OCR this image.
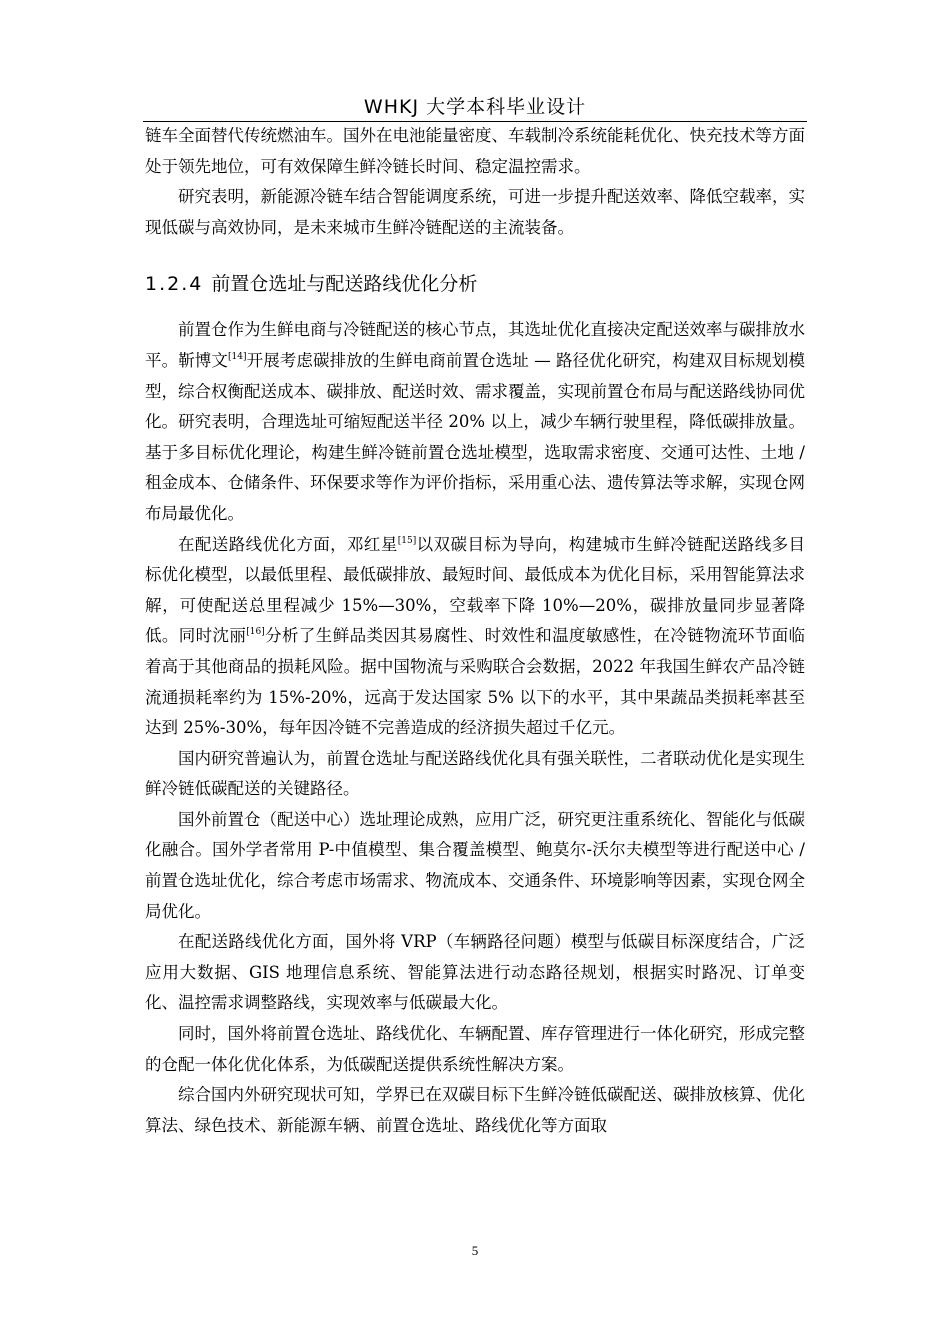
WHKJ 大学本科毕业设计

链车全面替代传统燃油车。国外在电池能量密度、车载制冷系统能耗优化、快充技术等方面处于领先地位，可有效保障生鲜冷链长时间、稳定温控需求。

研究表明，新能源冷链车结合智能调度系统，可进一步提升配送效率、降低空载率，实现低碳与高效协同，是未来城市生鲜冷链配送的主流装备。

1.2.4 前置仓选址与配送路线优化分析

前置仓作为生鲜电商与冷链配送的核心节点，其选址优化直接决定配送效率与碳排放水平。靳博文[14]开展考虑碳排放的生鲜电商前置仓选址 — 路径优化研究，构建双目标规划模型，综合权衡配送成本、碳排放、配送时效、需求覆盖，实现前置仓布局与配送路线协同优化。研究表明，合理选址可缩短配送半径 20% 以上，减少车辆行驶里程，降低碳排放量。基于多目标优化理论，构建生鲜冷链前置仓选址模型，选取需求密度、交通可达性、土地 / 租金成本、仓储条件、环保要求等作为评价指标，采用重心法、遗传算法等求解，实现仓网布局最优化。

在配送路线优化方面，邓红星[15]以双碳目标为导向，构建城市生鲜冷链配送路线多目标优化模型，以最低里程、最低碳排放、最短时间、最低成本为优化目标，采用智能算法求解，可使配送总里程减少 15%—30%，空载率下降 10%—20%，碳排放量同步显著降低。同时沈丽[16]分析了生鲜品类因其易腐性、时效性和温度敏感性，在冷链物流环节面临着高于其他商品的损耗风险。据中国物流与采购联合会数据，2022 年我国生鲜农产品冷链流通损耗率约为 15%-20%，远高于发达国家 5% 以下的水平，其中果蔬品类损耗率甚至达到 25%-30%，每年因冷链不完善造成的经济损失超过千亿元。

国内研究普遍认为，前置仓选址与配送路线优化具有强关联性，二者联动优化是实现生鲜冷链低碳配送的关键路径。

国外前置仓（配送中心）选址理论成熟，应用广泛，研究更注重系统化、智能化与低碳化融合。国外学者常用 P-中值模型、集合覆盖模型、鲍莫尔-沃尔夫模型等进行配送中心 / 前置仓选址优化，综合考虑市场需求、物流成本、交通条件、环境影响等因素，实现仓网全局优化。

在配送路线优化方面，国外将 VRP（车辆路径问题）模型与低碳目标深度结合，广泛应用大数据、GIS 地理信息系统、智能算法进行动态路径规划，根据实时路况、订单变化、温控需求调整路线，实现效率与低碳最大化。

同时，国外将前置仓选址、路线优化、车辆配置、库存管理进行一体化研究，形成完整的仓配一体化优化体系，为低碳配送提供系统性解决方案。

综合国内外研究现状可知，学界已在双碳目标下生鲜冷链低碳配送、碳排放核算、优化算法、绿色技术、新能源车辆、前置仓选址、路线优化等方面取

5
